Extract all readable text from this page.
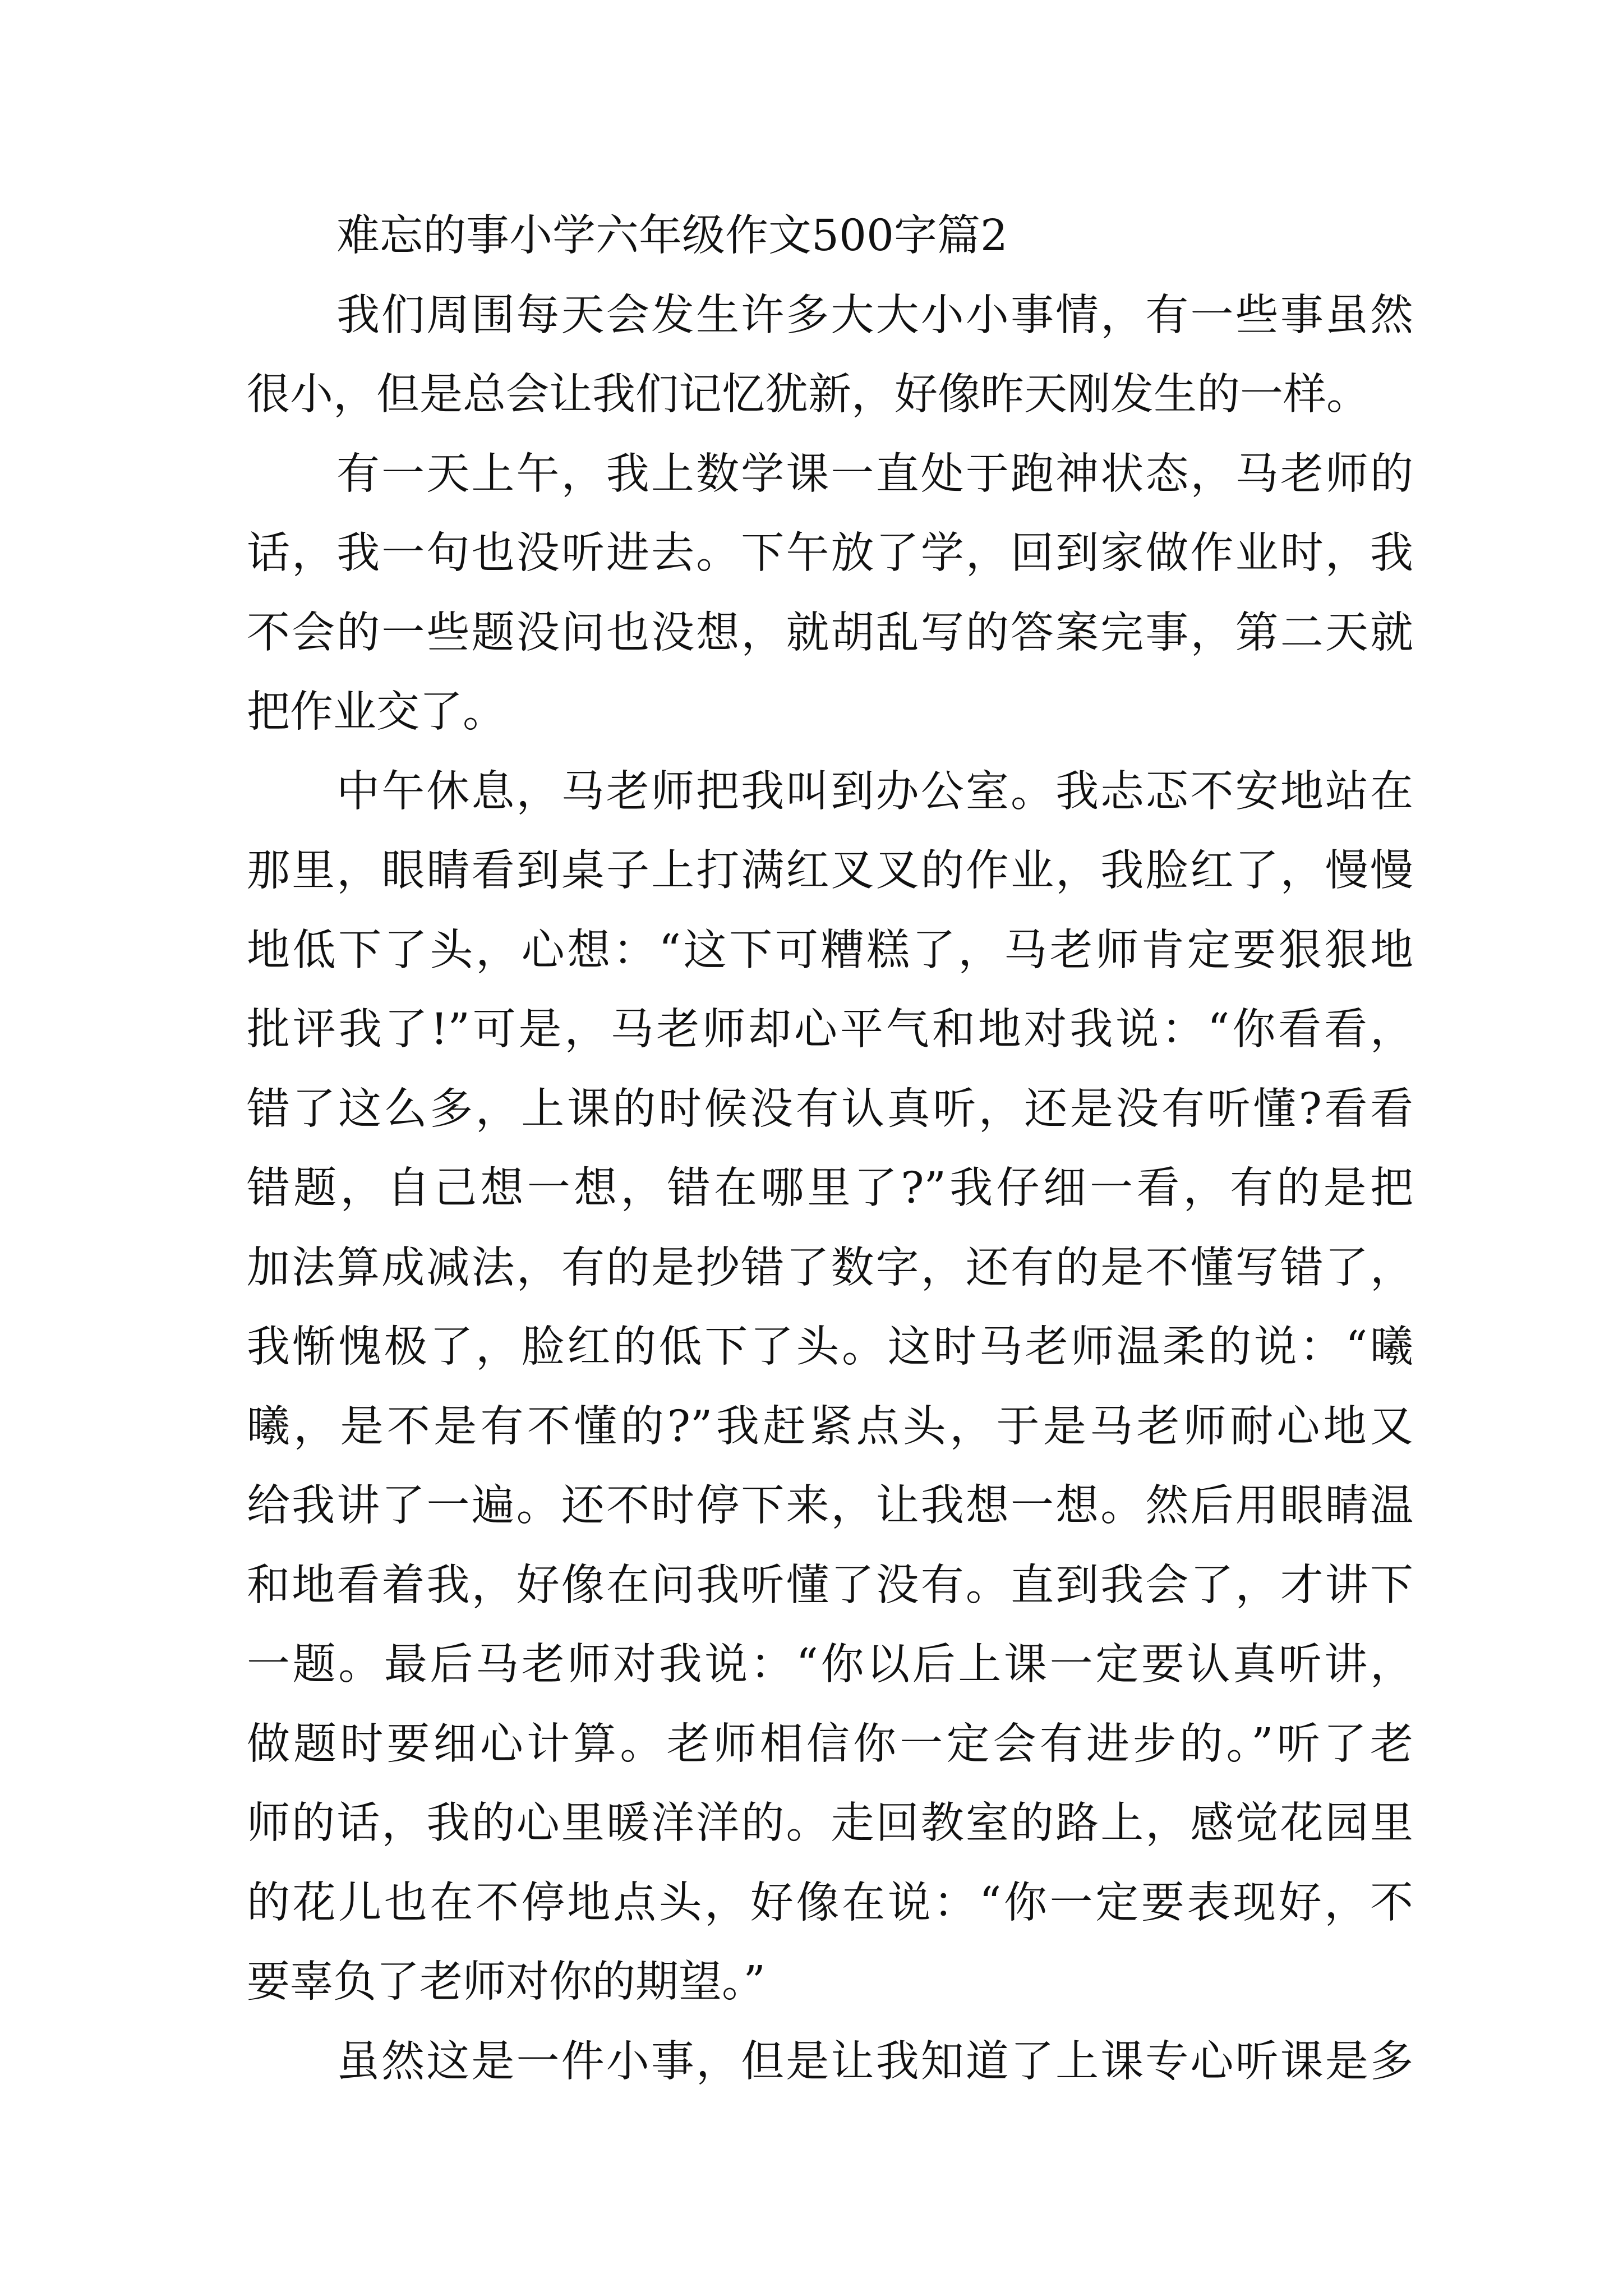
难忘的事小学六年级作文500字篇2
我们周围每天会发生许多大大小小事情，有一些事虽然
很小，但是总会让我们记忆犹新，好像昨天刚发生的一样。
有一天上午，我上数学课一直处于跑神状态，马老师的
话，我一句也没听进去。下午放了学，回到家做作业时，我
不会的一些题没问也没想，就胡乱写的答案完事，第二天就
把作业交了。
中午休息，马老师把我叫到办公室。我忐忑不安地站在
那里，眼睛看到桌子上打满红叉叉的作业，我脸红了，慢慢
地低下了头，心想：“这下可糟糕了，马老师肯定要狠狠地
批评我了!”可是，马老师却心平气和地对我说：“你看看，
错了这么多，上课的时候没有认真听，还是没有听懂?看看
错题，自己想一想，错在哪里了?”我仔细一看，有的是把
加法算成减法，有的是抄错了数字，还有的是不懂写错了，
我惭愧极了，脸红的低下了头。这时马老师温柔的说：“曦
曦，是不是有不懂的?”我赶紧点头，于是马老师耐心地又
给我讲了一遍。还不时停下来，让我想一想。然后用眼睛温
和地看着我，好像在问我听懂了没有。直到我会了，才讲下
一题。最后马老师对我说：“你以后上课一定要认真听讲，
做题时要细心计算。老师相信你一定会有进步的。”听了老
师的话，我的心里暖洋洋的。走回教室的路上，感觉花园里
的花儿也在不停地点头，好像在说：“你一定要表现好，不
要辜负了老师对你的期望。”
虽然这是一件小事，但是让我知道了上课专心听课是多
